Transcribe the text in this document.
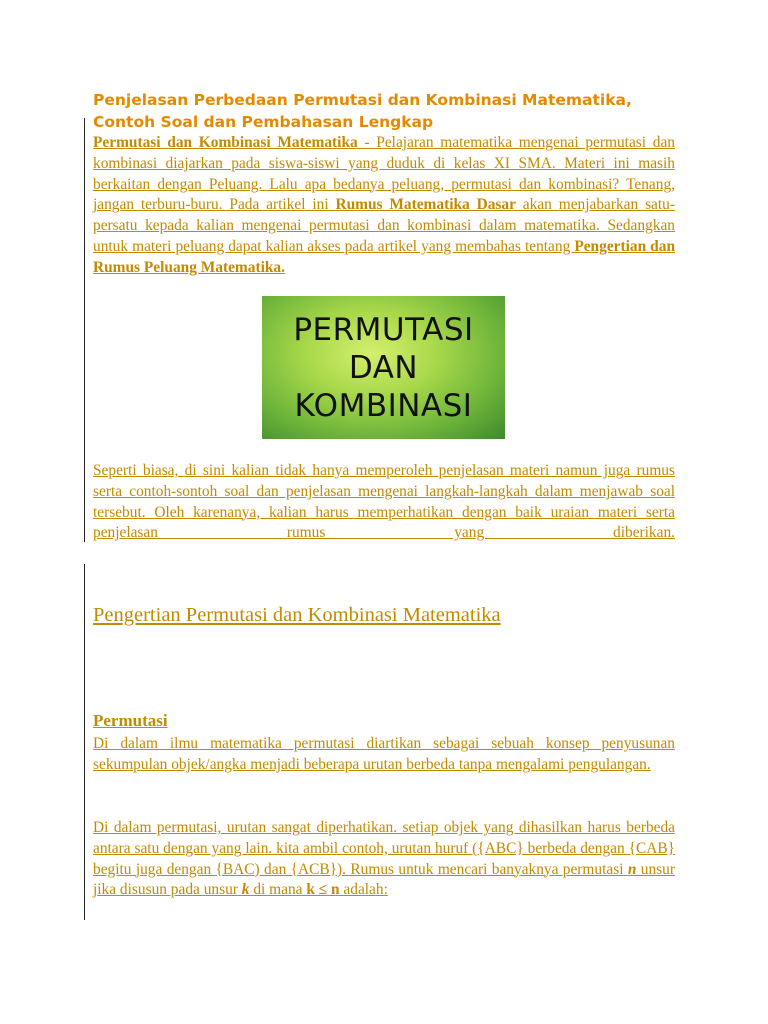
Penjelasan Perbedaan Permutasi dan Kombinasi Matematika, Contoh Soal dan Pembahasan Lengkap

Permutasi dan Kombinasi Matematika - Pelajaran matematika mengenai permutasi dan kombinasi diajarkan pada siswa-siswi yang duduk di kelas XI SMA. Materi ini masih berkaitan dengan Peluang. Lalu apa bedanya peluang, permutasi dan kombinasi? Tenang, jangan terburu-buru. Pada artikel ini Rumus Matematika Dasar akan menjabarkan satu-persatu kepada kalian mengenai permutasi dan kombinasi dalam matematika. Sedangkan untuk materi peluang dapat kalian akses pada artikel yang membahas tentang Pengertian dan Rumus Peluang Matematika.

PERMUTASI
DAN
KOMBINASI

Seperti biasa, di sini kalian tidak hanya memperoleh penjelasan materi namun juga rumus serta contoh-sontoh soal dan penjelasan mengenai langkah-langkah dalam menjawab soal tersebut. Oleh karenanya, kalian harus memperhatikan dengan baik uraian materi serta penjelasan rumus yang diberikan.

Pengertian Permutasi dan Kombinasi Matematika
Permutasi

Di dalam ilmu matematika permutasi diartikan sebagai sebuah konsep penyusunan sekumpulan objek/angka menjadi beberapa urutan berbeda tanpa mengalami pengulangan.

Di dalam permutasi, urutan sangat diperhatikan. setiap objek yang dihasilkan harus berbeda antara satu dengan yang lain. kita ambil contoh, urutan huruf ({ABC} berbeda dengan {CAB} begitu juga dengan {BAC) dan {ACB}). Rumus untuk mencari banyaknya permutasi n unsur jika disusun pada unsur k di mana k ≤ n adalah:
